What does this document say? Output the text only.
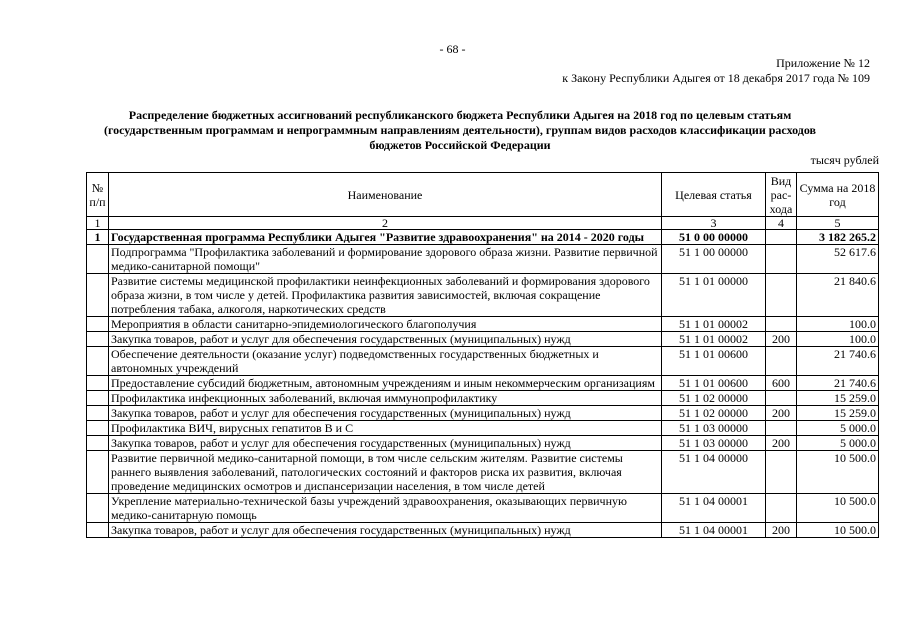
- 68 -
Приложение № 12
к Закону Республики Адыгея от 18 декабря 2017 года № 109
Распределение бюджетных ассигнований республиканского бюджета Республики Адыгея на 2018 год по целевым статьям (государственным программам и непрограммным направлениям деятельности), группам видов расходов классификации расходов бюджетов Российской Федерации
тысяч рублей
№ п/п	Наименование	Целевая статья	Вид рас-хода	Сумма на 2018 год
1	2	3	4	5
1	Государственная программа Республики Адыгея "Развитие здравоохранения" на 2014 - 2020 годы	51 0 00 00000		3 182 265.2
	Подпрограмма "Профилактика заболеваний и формирование здорового образа жизни. Развитие первичной медико-санитарной помощи"	51 1 00 00000		52 617.6
	Развитие системы медицинской профилактики неинфекционных заболеваний и формирования здорового образа жизни, в том числе у детей. Профилактика развития зависимостей, включая сокращение потребления табака, алкоголя, наркотических средств	51 1 01 00000		21 840.6
	Мероприятия в области санитарно-эпидемиологического благополучия	51 1 01 00002		100.0
	Закупка товаров, работ и услуг для обеспечения государственных (муниципальных) нужд	51 1 01 00002	200	100.0
	Обеспечение деятельности (оказание услуг) подведомственных государственных бюджетных и автономных учреждений	51 1 01 00600		21 740.6
	Предоставление субсидий бюджетным, автономным учреждениям и иным некоммерческим организациям	51 1 01 00600	600	21 740.6
	Профилактика инфекционных заболеваний, включая иммунопрофилактику	51 1 02 00000		15 259.0
	Закупка товаров, работ и услуг для обеспечения государственных (муниципальных) нужд	51 1 02 00000	200	15 259.0
	Профилактика ВИЧ, вирусных гепатитов В и С	51 1 03 00000		5 000.0
	Закупка товаров, работ и услуг для обеспечения государственных (муниципальных) нужд	51 1 03 00000	200	5 000.0
	Развитие первичной медико-санитарной помощи, в том числе сельским жителям. Развитие системы раннего выявления заболеваний, патологических состояний и факторов риска их развития, включая проведение медицинских осмотров и диспансеризации населения, в том числе детей	51 1 04 00000		10 500.0
	Укрепление материально-технической базы учреждений здравоохранения, оказывающих первичную медико-санитарную помощь	51 1 04 00001		10 500.0
	Закупка товаров, работ и услуг для обеспечения государственных (муниципальных) нужд	51 1 04 00001	200	10 500.0
